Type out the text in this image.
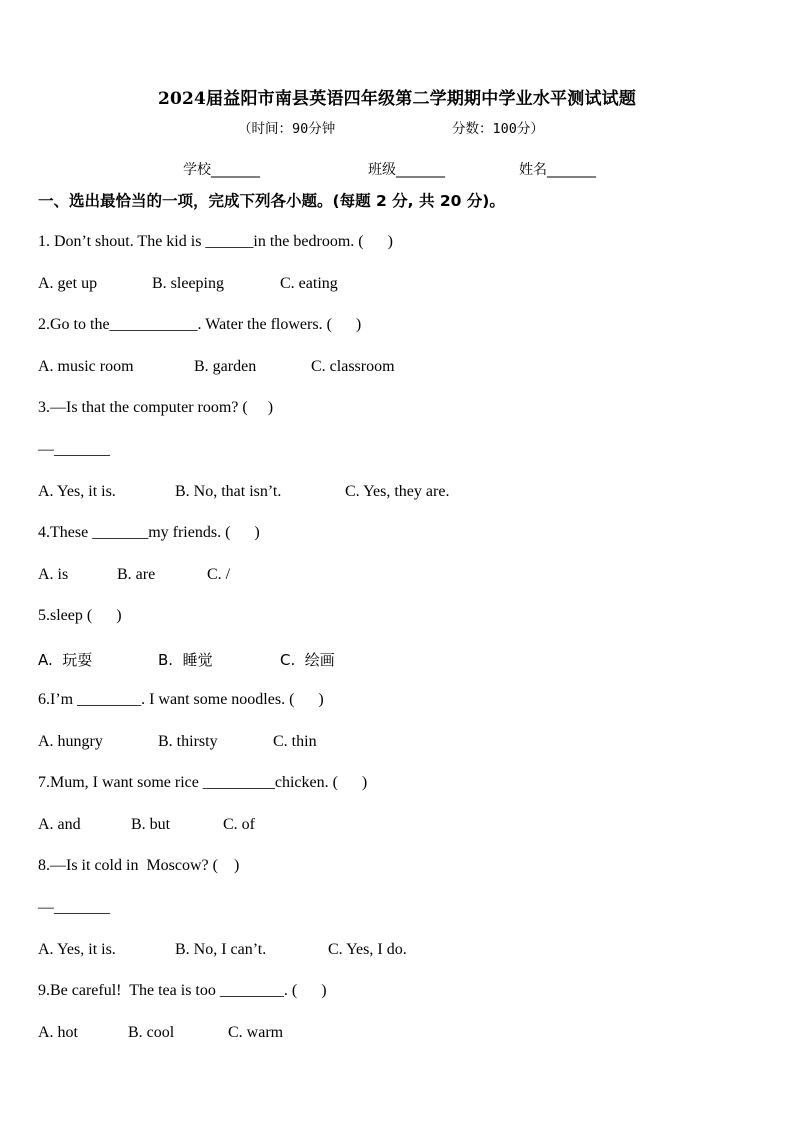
2024届益阳市南县英语四年级第二学期期中学业水平测试试题
（时间：90分钟	分数：100分）
学校_______	班级_______	姓名_______
一、选出最恰当的一项，完成下列各小题。(每题 2 分, 共 20 分)。
1. Don’t shout. The kid is ______in the bedroom. (      )
A. get up	B. sleeping	C. eating
2.Go to the___________. Water the flowers. (      )
A. music room	B. garden	C. classroom
3.—Is that the computer room? (     )
—_______
A. Yes, it is.	B. No, that isn’t.	C. Yes, they are.
4.These _______my friends. (      )
A. is	B. are	C. /
5.sleep (      )
A.  玩耍	B.  睡觉	C.  绘画
6.I’m ________. I want some noodles. (      )
A. hungry	B. thirsty	C. thin
7.Mum, I want some rice _________chicken. (      )
A. and	B. but	C. of
8.—Is it cold in  Moscow? (    )
—_______
A. Yes, it is.	B. No, I can’t.	C. Yes, I do.
9.Be careful!  The tea is too ________. (      )
A. hot	B. cool	C. warm
